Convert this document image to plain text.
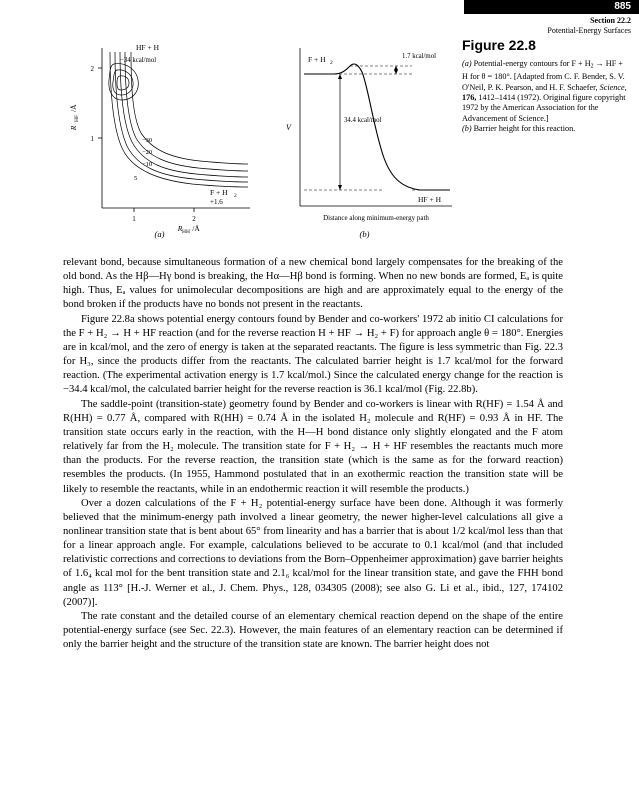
885
Section 22.2
Potential-Energy Surfaces
2
1
1	2
−30
−20
−10
5
HF + H
−34 kcal/mol
F + H 2
+1.6
R HH /Å
R
HF
/Å
(a)
F + H 2
1.7 kcal/mol
34.4 kcal/mol
HF + H
V
Distance along minimum-energy path
(b)
Figure 22.8
(a) Potential-energy contours for $F + H_2$ → HF + H for θ = 180°. [Adapted from C. F. Bender, S. V. O'Neil, P. K. Pearson, and H. F. Schaefer, Science, 176, 1412–1414 (1972). Original figure copyright 1972 by the American Association for the Advancement of Science.]
(b) Barrier height for this reaction.

relevant bond, because simultaneous formation of a new chemical bond largely compensates for the breaking of the old bond. As the Hβ—Hγ bond is breaking, the Hα—Hβ bond is forming. When no new bonds are formed, Eₐ is quite high. Thus, Eₐ values for unimolecular decompositions are high and are approximately equal to the energy of the bond broken if the products have no bonds not present in the reactants.

Figure 22.8a shows potential energy contours found by Bender and co-workers' 1972 ab initio CI calculations for the F + H₂ → H + HF reaction (and for the reverse reaction H + HF → H₂ + F) for approach angle θ = 180°. Energies are in kcal/mol, and the zero of energy is taken at the separated reactants. The figure is less symmetric than Fig. 22.3 for H₃, since the products differ from the reactants. The calculated barrier height is 1.7 kcal/mol for the forward reaction. (The experimental activation energy is 1.7 kcal/mol.) Since the calculated energy change for the reaction is −34.4 kcal/mol, the calculated barrier height for the reverse reaction is 36.1 kcal/mol (Fig. 22.8b).

The saddle-point (transition-state) geometry found by Bender and co-workers is linear with R(HF) = 1.54 Å and R(HH) = 0.77 Å, compared with R(HH) = 0.74 Å in the isolated H₂ molecule and R(HF) = 0.93 Å in HF. The transition state occurs early in the reaction, with the H—H bond distance only slightly elongated and the F atom relatively far from the H₂ molecule. The transition state for F + H₂ → H + HF resembles the reactants much more than the products. For the reverse reaction, the transition state (which is the same as for the forward reaction) resembles the products. (In 1955, Hammond postulated that in an exothermic reaction the transition state will be likely to resemble the reactants, while in an endothermic reaction it will resemble the products.)

Over a dozen calculations of the F + H₂ potential-energy surface have been done. Although it was formerly believed that the minimum-energy path involved a linear geometry, the newer higher-level calculations all give a nonlinear transition state that is bent about 65° from linearity and has a barrier that is about 1/2 kcal/mol less than that for a linear approach angle. For example, calculations believed to be accurate to 0.1 kcal/mol (and that included relativistic corrections and corrections to deviations from the Born–Oppenheimer approximation) gave barrier heights of 1.6₄ kcal mol for the bent transition state and 2.1₆ kcal/mol for the linear transition state, and gave the FHH bond angle as 113° [H.-J. Werner et al., J. Chem. Phys., 128, 034305 (2008); see also G. Li et al., ibid., 127, 174102 (2007)].

The rate constant and the detailed course of an elementary chemical reaction depend on the shape of the entire potential-energy surface (see Sec. 22.3). However, the main features of an elementary reaction can be determined if only the barrier height and the structure of the transition state are known. The barrier height does not
